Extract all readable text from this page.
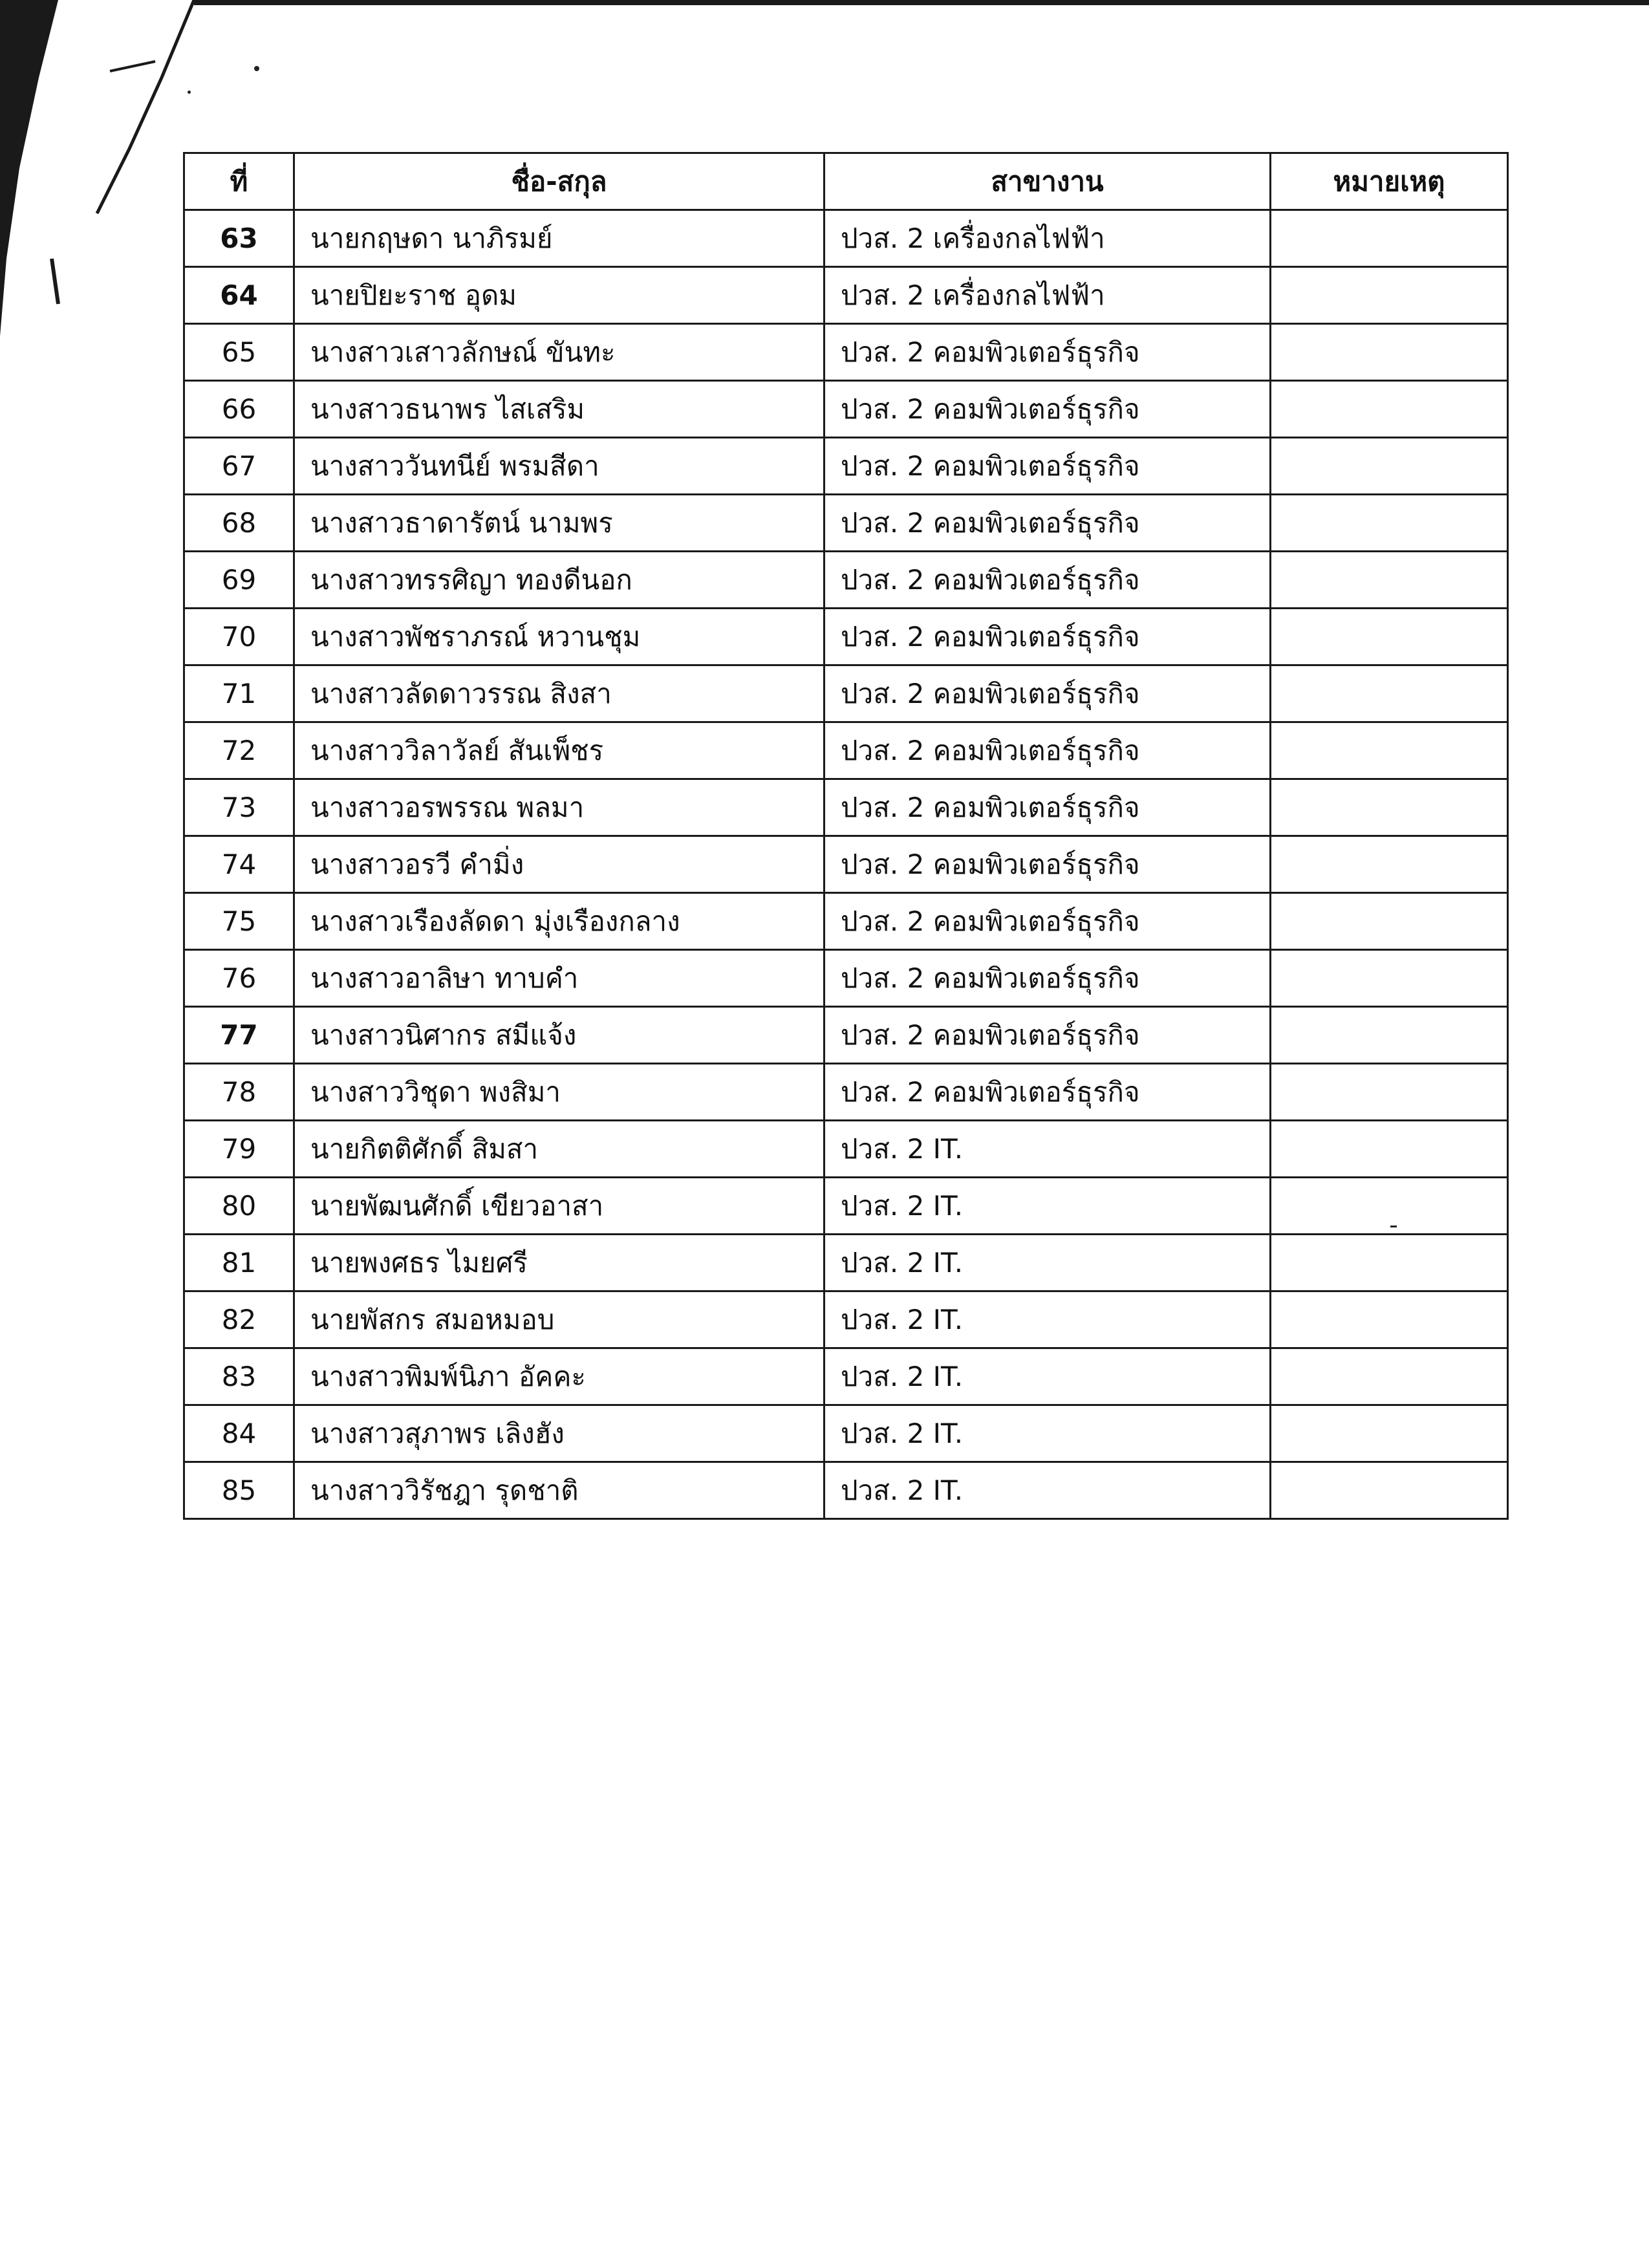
ที่	ชื่อ-สกุล	สาขางาน	หมายเหตุ
63	นายกฤษดา นาภิรมย์	ปวส. 2 เครื่องกลไฟฟ้า	
64	นายปิยะราช อุดม	ปวส. 2 เครื่องกลไฟฟ้า	
65	นางสาวเสาวลักษณ์ ขันทะ	ปวส. 2 คอมพิวเตอร์ธุรกิจ	
66	นางสาวธนาพร ไสเสริม	ปวส. 2 คอมพิวเตอร์ธุรกิจ	
67	นางสาววันทนีย์ พรมสีดา	ปวส. 2 คอมพิวเตอร์ธุรกิจ	
68	นางสาวธาดารัตน์ นามพร	ปวส. 2 คอมพิวเตอร์ธุรกิจ	
69	นางสาวทรรศิญา ทองดีนอก	ปวส. 2 คอมพิวเตอร์ธุรกิจ	
70	นางสาวพัชราภรณ์ หวานชุม	ปวส. 2 คอมพิวเตอร์ธุรกิจ	
71	นางสาวลัดดาวรรณ สิงสา	ปวส. 2 คอมพิวเตอร์ธุรกิจ	
72	นางสาววิลาวัลย์ สันเพ็ชร	ปวส. 2 คอมพิวเตอร์ธุรกิจ	
73	นางสาวอรพรรณ พลมา	ปวส. 2 คอมพิวเตอร์ธุรกิจ	
74	นางสาวอรวี คำมิ่ง	ปวส. 2 คอมพิวเตอร์ธุรกิจ	
75	นางสาวเรืองลัดดา มุ่งเรืองกลาง	ปวส. 2 คอมพิวเตอร์ธุรกิจ	
76	นางสาวอาลิษา ทาบคำ	ปวส. 2 คอมพิวเตอร์ธุรกิจ	
77	นางสาวนิศากร สมีแจ้ง	ปวส. 2 คอมพิวเตอร์ธุรกิจ	
78	นางสาววิชุดา พงสิมา	ปวส. 2 คอมพิวเตอร์ธุรกิจ	
79	นายกิตติศักดิ์ สิมสา	ปวส. 2 IT.	
80	นายพัฒนศักดิ์ เขียวอาสา	ปวส. 2 IT.	
81	นายพงศธร ไมยศรี	ปวส. 2 IT.	
82	นายพัสกร สมอหมอบ	ปวส. 2 IT.	
83	นางสาวพิมพ์นิภา อัคคะ	ปวส. 2 IT.	
84	นางสาวสุภาพร เลิงฮัง	ปวส. 2 IT.	
85	นางสาววิรัชฎา รุดชาติ	ปวส. 2 IT.	
